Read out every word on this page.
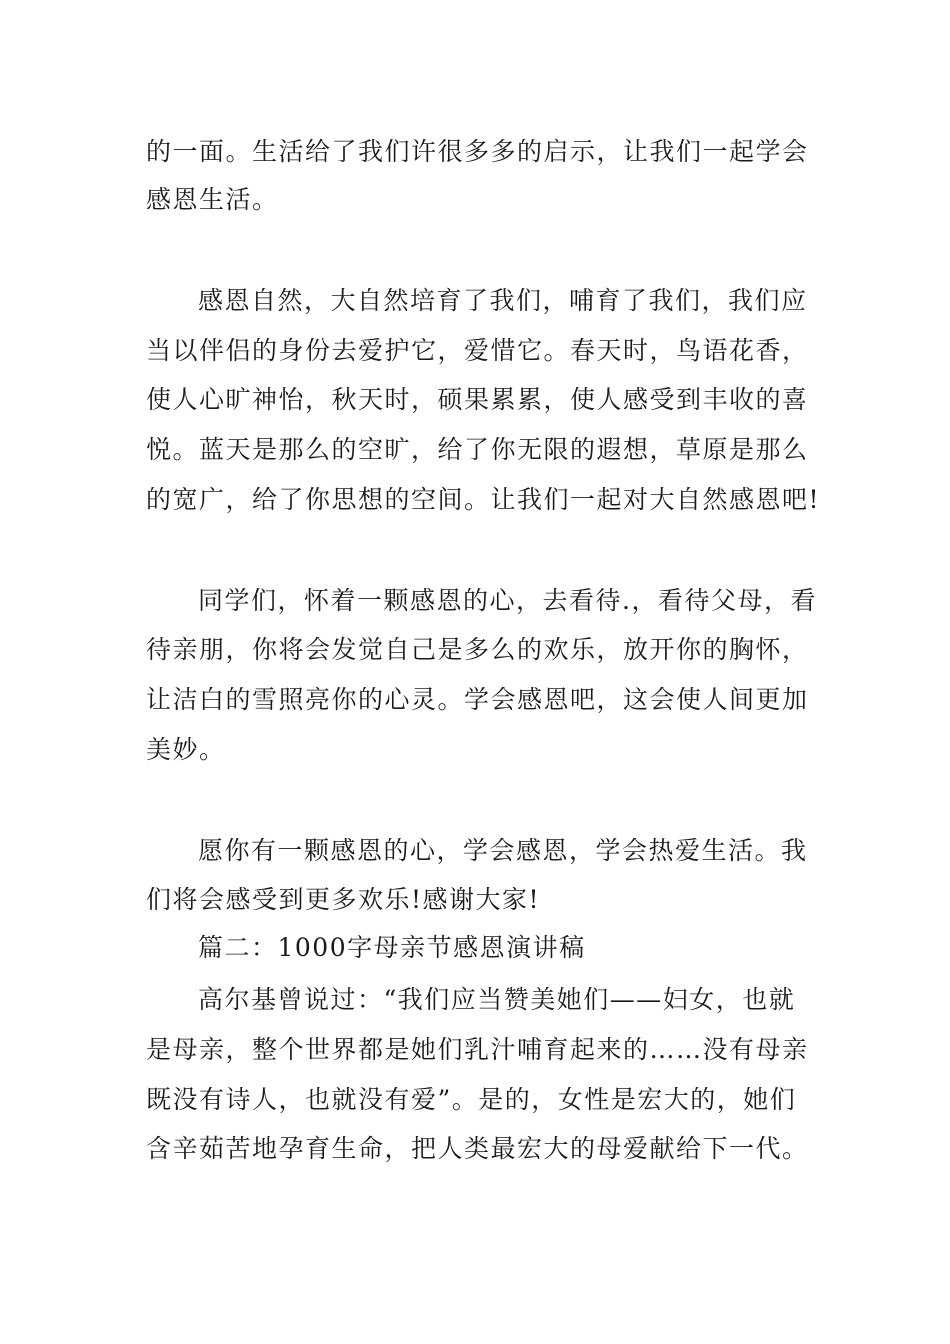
的一面。生活给了我们许很多多的启示，让我们一起学会
感恩生活。
感恩自然，大自然培育了我们，哺育了我们，我们应
当以伴侣的身份去爱护它，爱惜它。春天时，鸟语花香，
使人心旷神怡，秋天时，硕果累累，使人感受到丰收的喜
悦。蓝天是那么的空旷，给了你无限的遐想，草原是那么
的宽广，给了你思想的空间。让我们一起对大自然感恩吧!
同学们，怀着一颗感恩的心，去看待.，看待父母，看
待亲朋，你将会发觉自己是多么的欢乐，放开你的胸怀，
让洁白的雪照亮你的心灵。学会感恩吧，这会使人间更加
美妙。
愿你有一颗感恩的心，学会感恩，学会热爱生活。我
们将会感受到更多欢乐!感谢大家!
篇二：1000字母亲节感恩演讲稿
高尔基曾说过：“我们应当赞美她们——妇女，也就
是母亲，整个世界都是她们乳汁哺育起来的……没有母亲
既没有诗人，也就没有爱”。是的，女性是宏大的，她们
含辛茹苦地孕育生命，把人类最宏大的母爱献给下一代。
